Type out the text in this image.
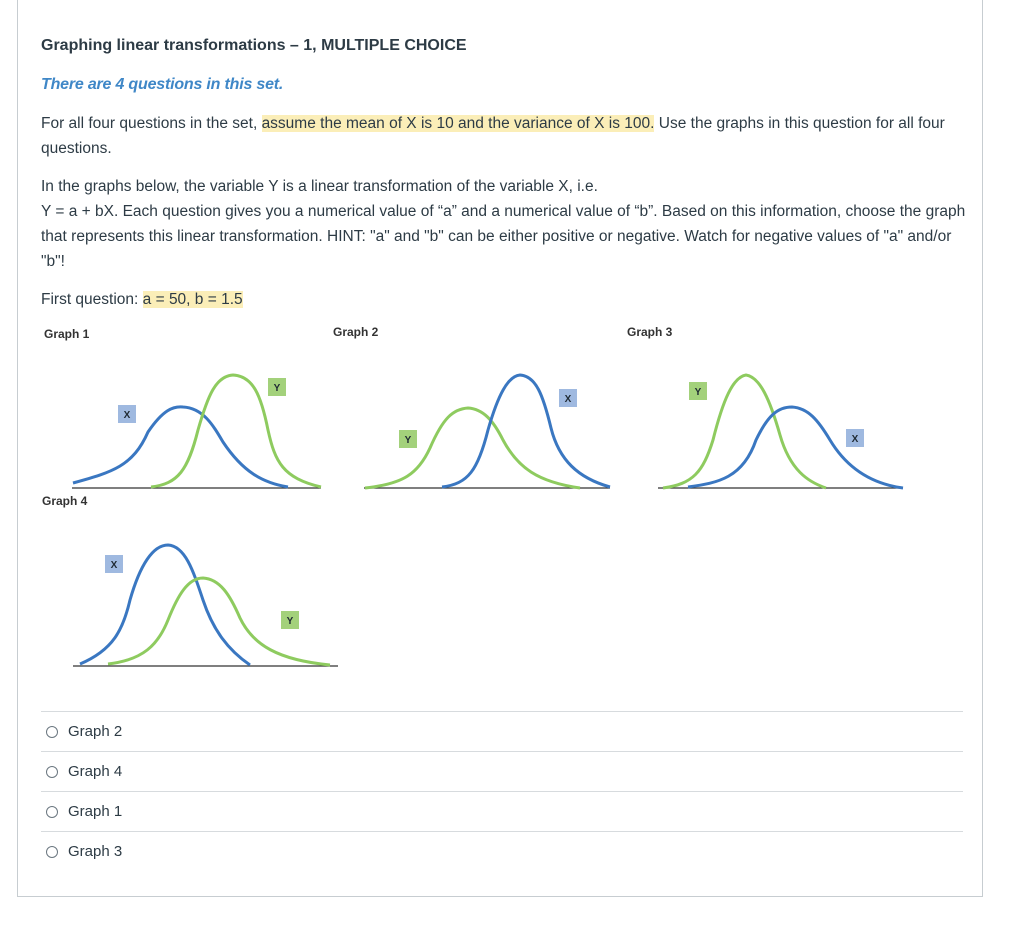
Graphing linear transformations – 1, MULTIPLE CHOICE
There are 4 questions in this set.
For all four questions in the set, assume the mean of X is 10 and the variance of X is 100. Use the graphs in this question for all four questions.
In the graphs below, the variable Y is a linear transformation of the variable X, i.e.
Y = a + bX. Each question gives you a numerical value of “a” and a numerical value of “b”. Based on this information, choose the graph that represents this linear transformation. HINT: "a" and "b" can be either positive or negative. Watch for negative values of "a" and/or "b"!
First question: a = 50, b = 1.5
Graph 1	Graph 2	Graph 3
Graph 4
X
Y
Y
X
Y
X
X
Y
Graph 2
Graph 4
Graph 1
Graph 3
